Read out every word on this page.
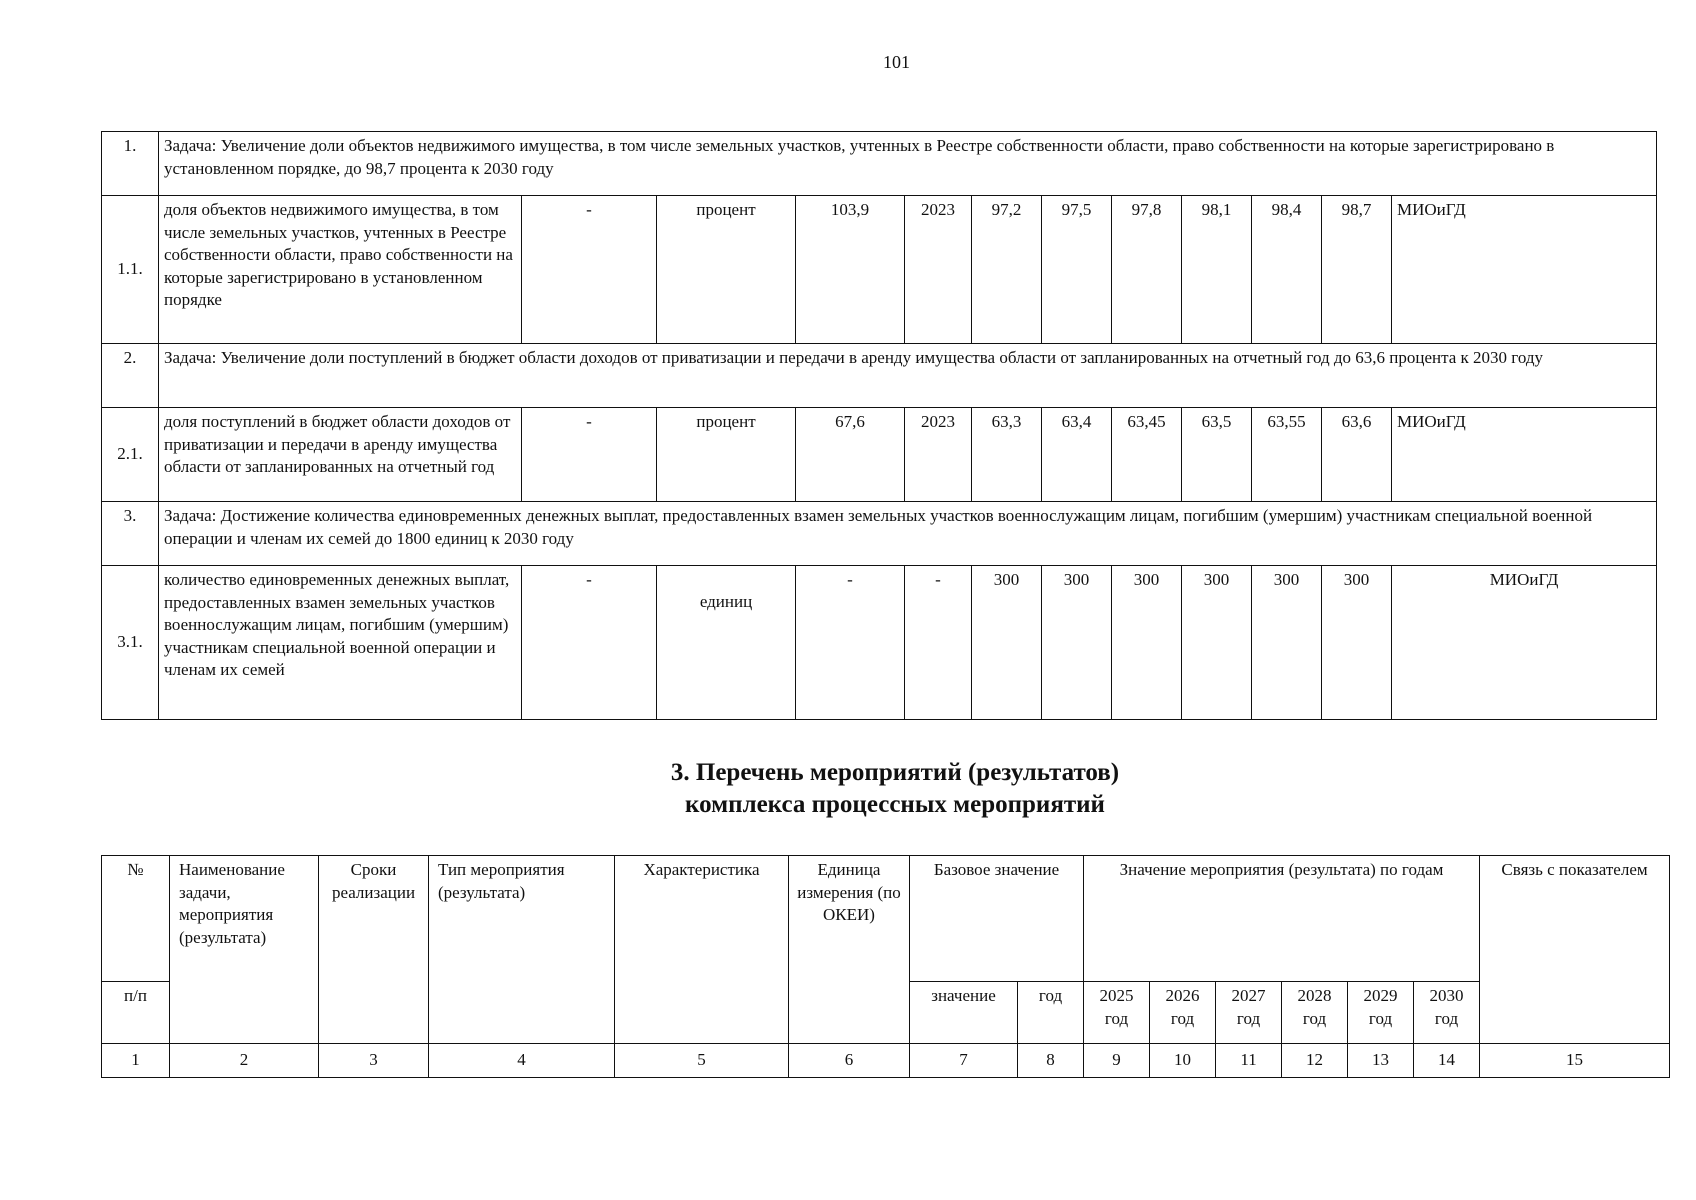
101
1.	Задача: Увеличение доли объектов недвижимого имущества, в том числе земельных участков, учтенных в Реестре собственности области, право собственности на которые зарегистрировано в установленном порядке, до 98,7 процента к 2030 году											
1.1.	доля объектов недвижимого имущества, в том числе земельных участков, учтенных в Реестре собственности области, право собственности на которые зарегистрировано в установленном порядке	-	процент	103,9	2023	97,2	97,5	97,8	98,1	98,4	98,7	МИОиГД
2.	Задача: Увеличение доли поступлений в бюджет области доходов от приватизации и передачи в аренду имущества области от запланированных на отчетный год до 63,6 процента к 2030 году											
2.1.	доля поступлений в бюджет области доходов от приватизации и передачи в аренду имущества области от запланированных на отчетный год	-	процент	67,6	2023	63,3	63,4	63,45	63,5	63,55	63,6	МИОиГД
3.	Задача: Достижение количества единовременных денежных выплат, предоставленных взамен земельных участков военнослужащим лицам, погибшим (умершим) участникам специальной военной операции и членам их семей до 1800 единиц к 2030 году											
3.1.	количество единовременных денежных выплат, предоставленных взамен земельных участков военнослужащим лицам, погибшим (умершим) участникам специальной военной операции и членам их семей	-	единиц	-	-	300	300	300	300	300	300	МИОиГД
3. Перечень мероприятий (результатов)
комплекса процессных мероприятий
№	Наименование задачи, мероприятия (результата)	Сроки реализации	Тип мероприятия (результата)	Характеристика	Единица измерения (по ОКЕИ)	Базовое значение		Значение мероприятия (результата) по годам						Связь с показателем
п/п						значение	год	2025 год	2026 год	2027 год	2028 год	2029 год	2030 год	
1	2	3	4	5	6	7	8	9	10	11	12	13	14	15
